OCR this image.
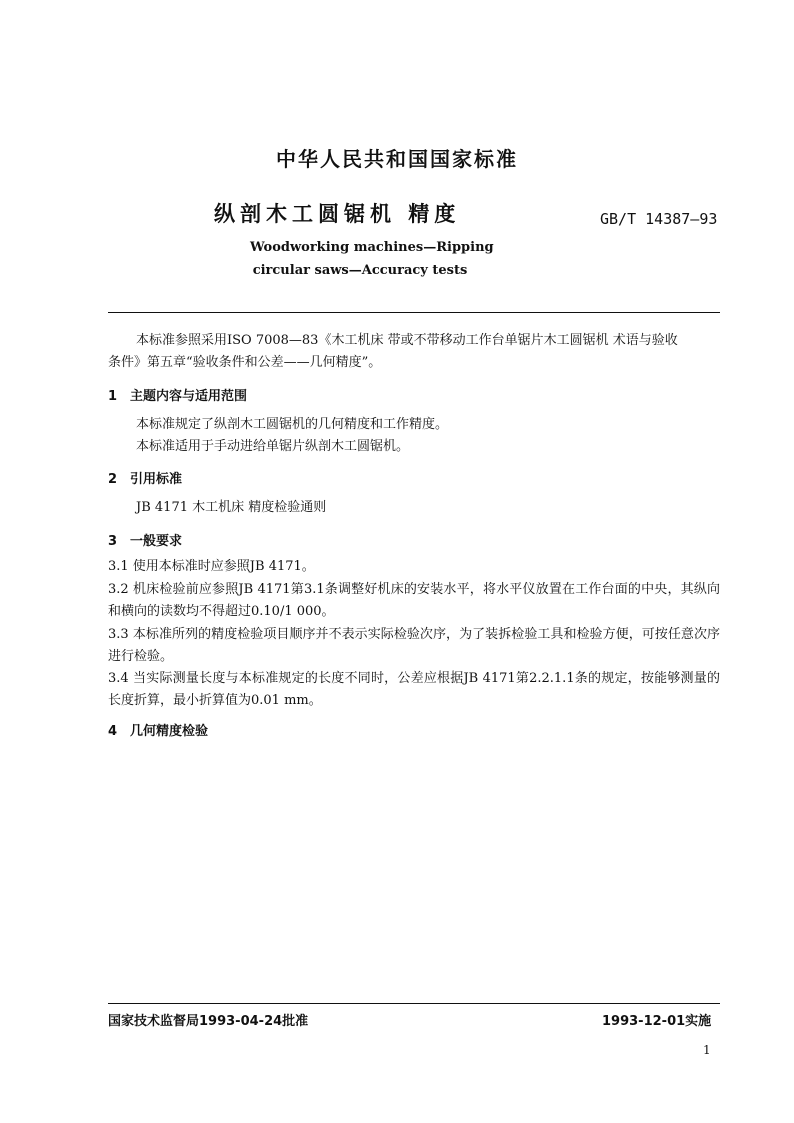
中华人民共和国国家标准
纵剖木工圆锯机 精度	GB/T 14387—93
Woodworking machines—Ripping
circular saws—Accuracy tests
本标准参照采用ISO 7008—83《木工机床 带或不带移动工作台单锯片木工圆锯机 术语与验收
条件》第五章“验收条件和公差——几何精度”。
1 主题内容与适用范围
本标准规定了纵剖木工圆锯机的几何精度和工作精度。
本标准适用于手动进给单锯片纵剖木工圆锯机。
2 引用标准
JB 4171 木工机床 精度检验通则
3 一般要求
3.1 使用本标准时应参照JB 4171。
3.2 机床检验前应参照JB 4171第3.1条调整好机床的安装水平，将水平仪放置在工作台面的中央，其纵向和横向的读数均不得超过0.10/1 000。
3.3 本标准所列的精度检验项目顺序并不表示实际检验次序，为了装拆检验工具和检验方便，可按任意次序进行检验。
3.4 当实际测量长度与本标准规定的长度不同时，公差应根据JB 4171第2.2.1.1条的规定，按能够测量的长度折算，最小折算值为0.01 mm。
4 几何精度检验
国家技术监督局1993-04-24批准	1993-12-01实施
1
